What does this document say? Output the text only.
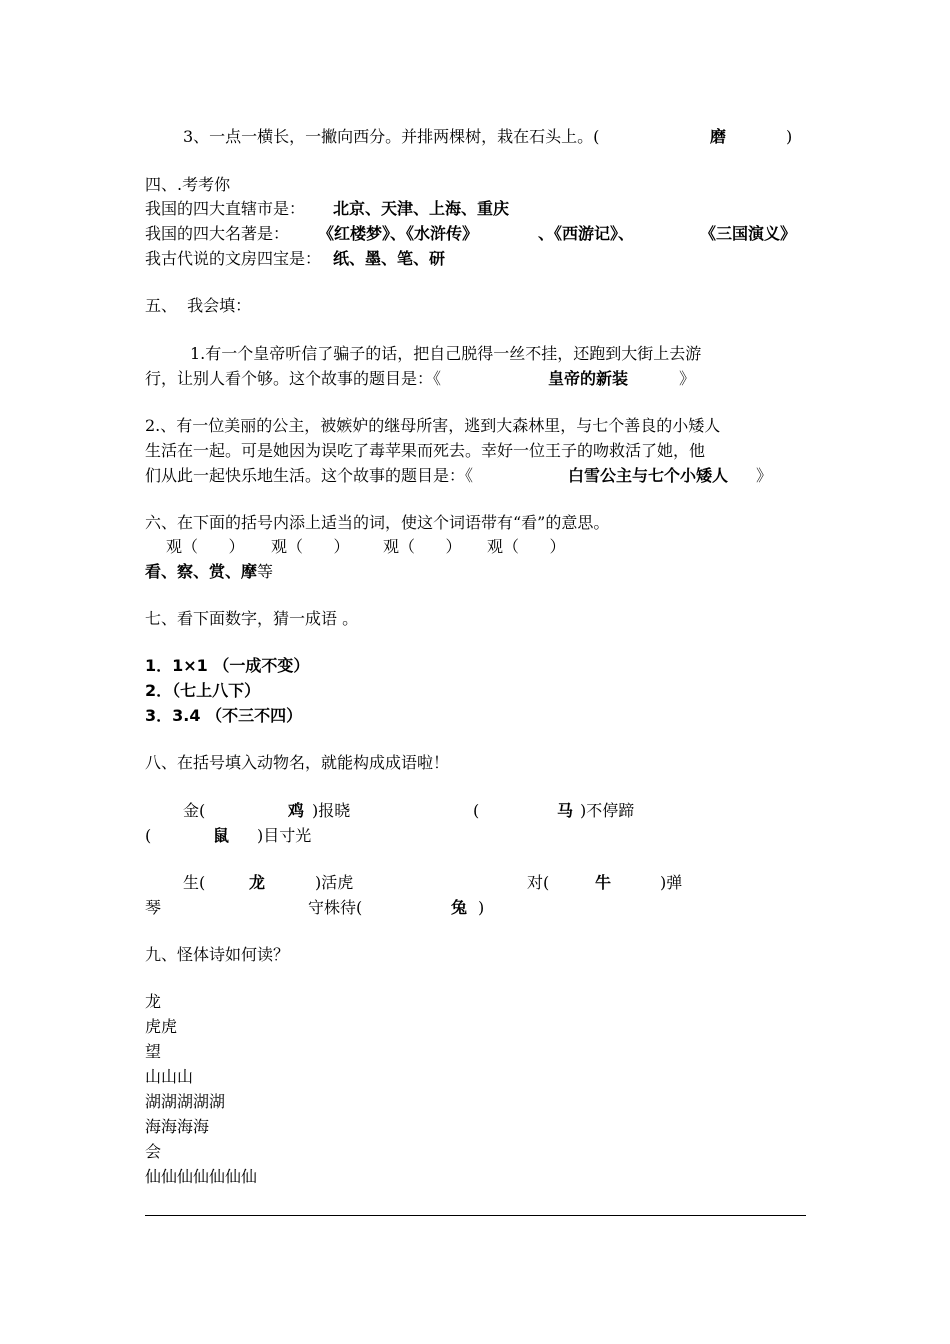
3、一点一横长，一撇向西分。并排两棵树，栽在石头上。(	磨	)
四、.考考你
我国的四大直辖市是： 北京、天津、上海、重庆
我国的四大名著是： 《红楼梦》、《水浒传》	、《西游记》、	《三国演义》
我古代说的文房四宝是： 纸、墨、笔、研
五、  我会填：
1.有一个皇帝听信了骗子的话，把自己脱得一丝不挂，还跑到大街上去游
行，让别人看个够。这个故事的题目是：《	皇帝的新装	》
2.、有一位美丽的公主，被嫉妒的继母所害，逃到大森林里，与七个善良的小矮人
生活在一起。可是她因为误吃了毒苹果而死去。幸好一位王子的吻救活了她，他
们从此一起快乐地生活。这个故事的题目是：《	白雪公主与七个小矮人 》
六、在下面的括号内添上适当的词，使这个词语带有“看”的意思。
观（      ） 观（      ） 观（      ） 观（      ）
看、察、赏、摩等
七、看下面数字，猜一成语 。
1．1×1 （一成不变）
2．（七上八下）
3．3.4 （不三不四）
八、在括号填入动物名，就能构成成语啦！
金(	鸡 )报晓	(	马 )不停蹄
(	鼠 )目寸光
生(	龙	)活虎	对(	牛	)弹
琴	守株待(	兔 )
九、怪体诗如何读？
龙
虎虎
望
山山山
湖湖湖湖湖
海海海海
会
仙仙仙仙仙仙仙
